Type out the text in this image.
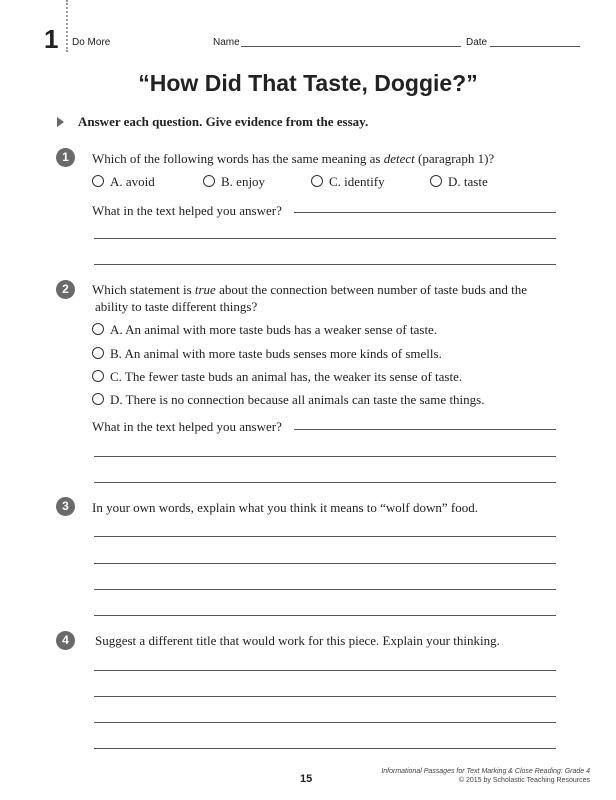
1 Do More	Name	Date
“How Did That Taste, Doggie?”
Answer each question. Give evidence from the essay.
1	Which of the following words has the same meaning as detect (paragraph 1)?
A. avoid	B. enjoy	C. identify	D. taste
What in the text helped you answer?
2	Which statement is true about the connection between number of taste buds and the
ability to taste different things?
A. An animal with more taste buds has a weaker sense of taste.
B. An animal with more taste buds senses more kinds of smells.
C. The fewer taste buds an animal has, the weaker its sense of taste.
D. There is no connection because all animals can taste the same things.
What in the text helped you answer?
3	In your own words, explain what you think it means to “wolf down” food.
4	Suggest a different title that would work for this piece. Explain your thinking.
15
Informational Passages for Text Marking & Close Reading: Grade 4
© 2015 by Scholastic Teaching Resources
